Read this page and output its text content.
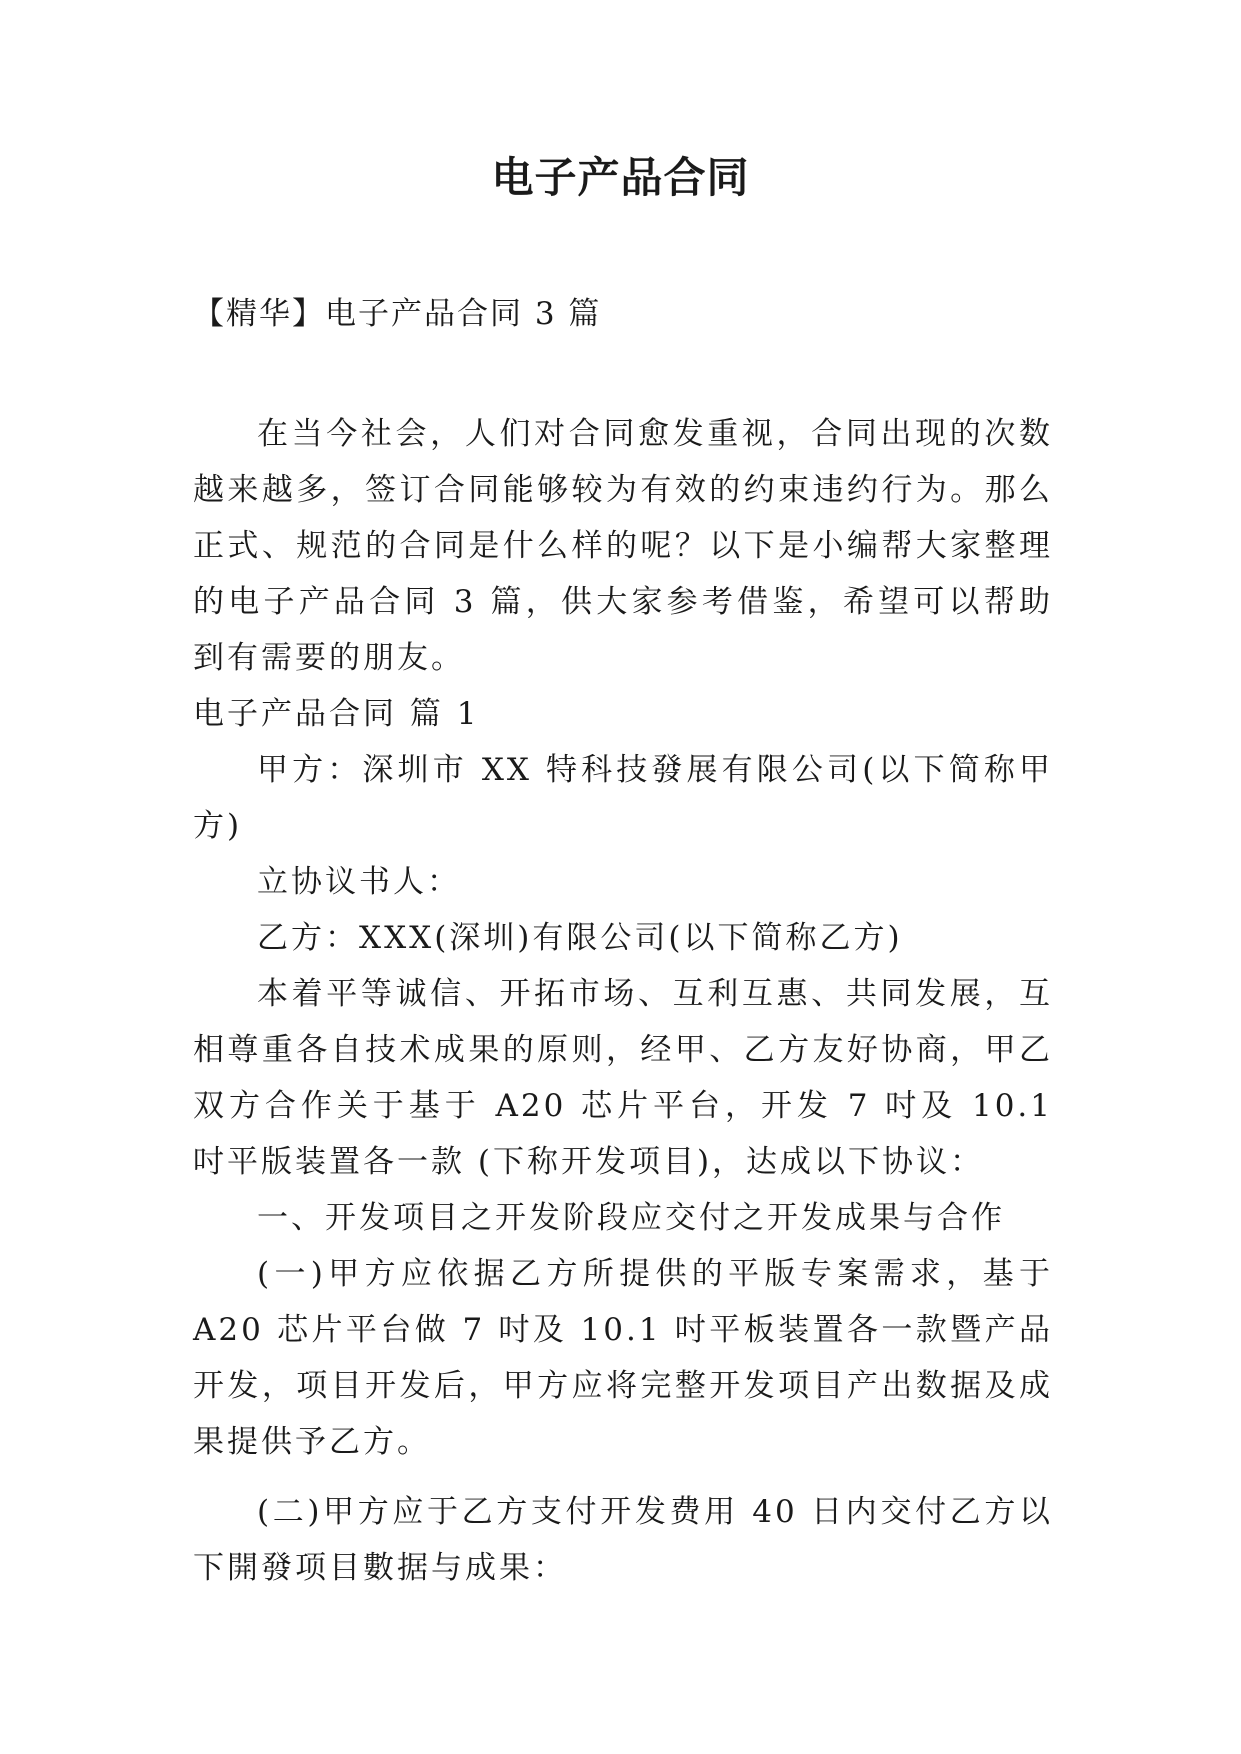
电子产品合同
【精华】电子产品合同 3 篇

在当今社会，人们对合同愈发重视，合同出现的次数越来越多，签订合同能够较为有效的约束违约行为。那么正式、规范的合同是什么样的呢？以下是小编帮大家整理的电子产品合同 3 篇，供大家参考借鉴，希望可以帮助到有需要的朋友。

电子产品合同 篇 1

甲方：深圳市 XX 特科技發展有限公司(以下简称甲方)

立协议书人：

乙方：XXX(深圳)有限公司(以下简称乙方)

本着平等诚信、开拓市场、互利互惠、共同发展，互相尊重各自技术成果的原则，经甲、乙方友好协商，甲乙双方合作关于基于 A20 芯片平台，开发 7 吋及 10.1 吋平版装置各一款 (下称开发项目)，达成以下协议：

一、开发项目之开发阶段应交付之开发成果与合作

(一)甲方应依据乙方所提供的平版专案需求，基于 A20 芯片平台做 7 吋及 10.1 吋平板装置各一款暨产品开发，项目开发后，甲方应将完整开发项目产出数据及成果提供予乙方。

(二)甲方应于乙方支付开发费用 40 日内交付乙方以下開發项目數据与成果：
